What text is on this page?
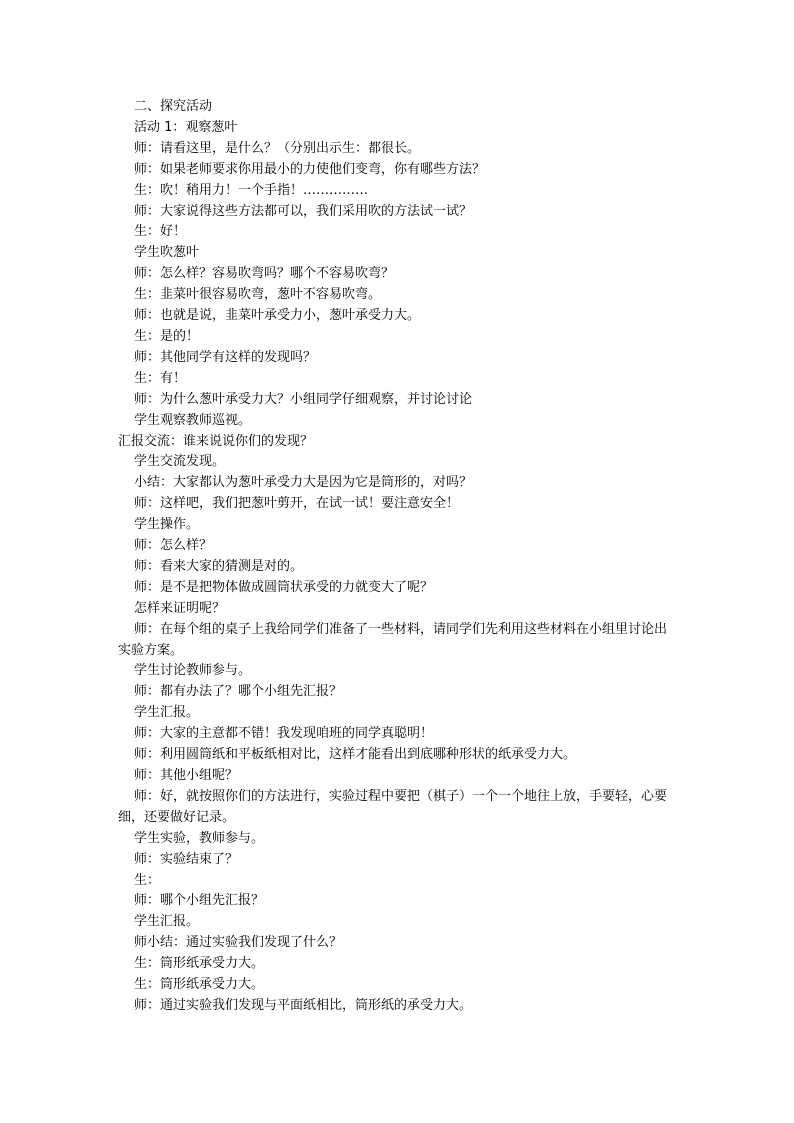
二、探究活动
活动 1：观察葱叶
师：请看这里，是什么？（分别出示生：都很长。
师：如果老师要求你用最小的力使他们变弯，你有哪些方法？
生：吹！稍用力！一个手指！……………
师：大家说得这些方法都可以，我们采用吹的方法试一试？
生：好！
学生吹葱叶
师：怎么样？容易吹弯吗？哪个不容易吹弯？
生：韭菜叶很容易吹弯，葱叶不容易吹弯。
师：也就是说，韭菜叶承受力小，葱叶承受力大。
生：是的！
师：其他同学有这样的发现吗？
生：有！
师：为什么葱叶承受力大？小组同学仔细观察，并讨论讨论
学生观察教师巡视。
汇报交流：谁来说说你们的发现？
学生交流发现。
小结：大家都认为葱叶承受力大是因为它是筒形的，对吗？
师：这样吧，我们把葱叶剪开，在试一试！要注意安全！
学生操作。
师：怎么样？
师：看来大家的猜测是对的。
师：是不是把物体做成圆筒状承受的力就变大了呢？
怎样来证明呢？
师：在每个组的桌子上我给同学们准备了一些材料，请同学们先利用这些材料在小组里讨论出实验方案。
学生讨论教师参与。
师：都有办法了？哪个小组先汇报？
学生汇报。
师：大家的主意都不错！我发现咱班的同学真聪明！
师：利用圆筒纸和平板纸相对比，这样才能看出到底哪种形状的纸承受力大。
师：其他小组呢？
师：好，就按照你们的方法进行，实验过程中要把（棋子）一个一个地往上放，手要轻，心要细，还要做好记录。
学生实验，教师参与。
师：实验结束了？
生：
师：哪个小组先汇报？
学生汇报。
师小结：通过实验我们发现了什么？
生：筒形纸承受力大。
生：筒形纸承受力大。
师：通过实验我们发现与平面纸相比，筒形纸的承受力大。
